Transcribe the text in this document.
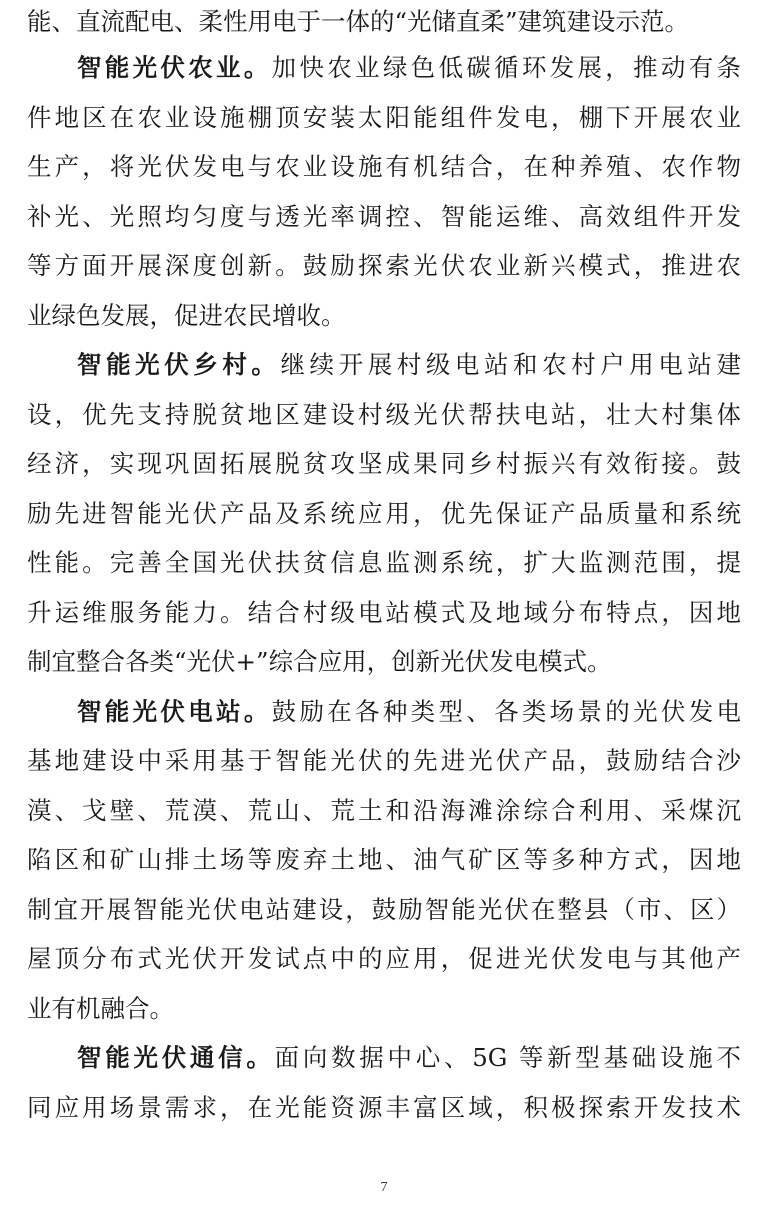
能、直流配电、柔性用电于一体的“光储直柔”建筑建设示范。
智能光伏农业。加快农业绿色低碳循环发展，推动有条
件地区在农业设施棚顶安装太阳能组件发电，棚下开展农业
生产，将光伏发电与农业设施有机结合，在种养殖、农作物
补光、光照均匀度与透光率调控、智能运维、高效组件开发
等方面开展深度创新。鼓励探索光伏农业新兴模式，推进农
业绿色发展，促进农民增收。
智能光伏乡村。继续开展村级电站和农村户用电站建
设，优先支持脱贫地区建设村级光伏帮扶电站，壮大村集体
经济，实现巩固拓展脱贫攻坚成果同乡村振兴有效衔接。鼓
励先进智能光伏产品及系统应用，优先保证产品质量和系统
性能。完善全国光伏扶贫信息监测系统，扩大监测范围，提
升运维服务能力。结合村级电站模式及地域分布特点，因地
制宜整合各类“光伏+”综合应用，创新光伏发电模式。
智能光伏电站。鼓励在各种类型、各类场景的光伏发电
基地建设中采用基于智能光伏的先进光伏产品，鼓励结合沙
漠、戈壁、荒漠、荒山、荒土和沿海滩涂综合利用、采煤沉
陷区和矿山排土场等废弃土地、油气矿区等多种方式，因地
制宜开展智能光伏电站建设，鼓励智能光伏在整县（市、区）
屋顶分布式光伏开发试点中的应用，促进光伏发电与其他产
业有机融合。
智能光伏通信。面向数据中心、5G 等新型基础设施不
同应用场景需求，在光能资源丰富区域，积极探索开发技术
7
